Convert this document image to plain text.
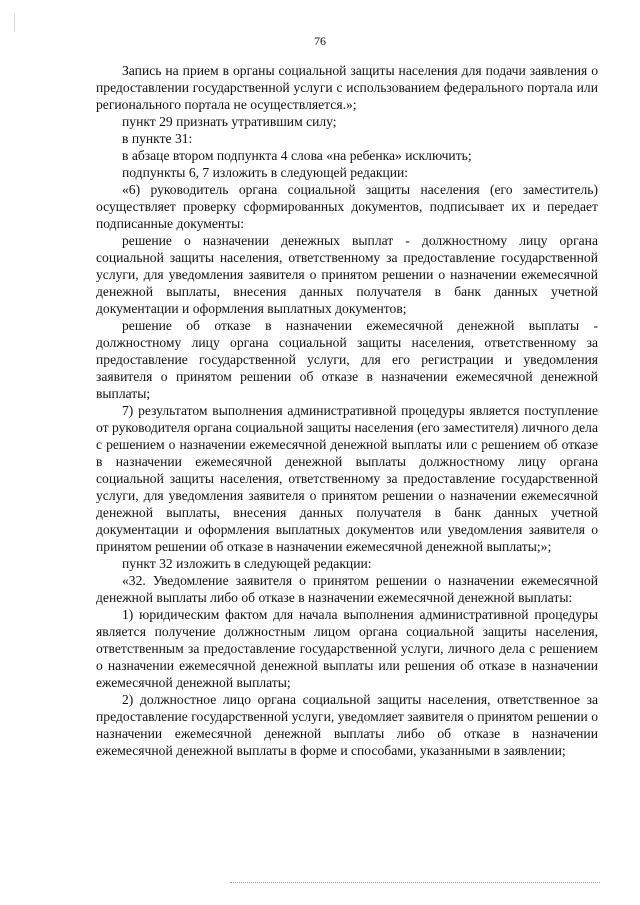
76

Запись на прием в органы социальной защиты населения для подачи заявления о предоставлении государственной услуги с использованием федерального портала или регионального портала не осуществляется.»;

пункт 29 признать утратившим силу;

в пункте 31:

в абзаце втором подпункта 4 слова «на ребенка» исключить;

подпункты 6, 7 изложить в следующей редакции:

«6) руководитель органа социальной защиты населения (его заместитель) осуществляет проверку сформированных документов, подписывает их и передает подписанные документы:

решение о назначении денежных выплат - должностному лицу органа социальной защиты населения, ответственному за предоставление государственной услуги, для уведомления заявителя о принятом решении о назначении ежемесячной денежной выплаты, внесения данных получателя в банк данных учетной документации и оформления выплатных документов;

решение об отказе в назначении ежемесячной денежной выплаты - должностному лицу органа социальной защиты населения, ответственному за предоставление государственной услуги, для его регистрации и уведомления заявителя о принятом решении об отказе в назначении ежемесячной денежной выплаты;

7) результатом выполнения административной процедуры является поступление от руководителя органа социальной защиты населения (его заместителя) личного дела с решением о назначении ежемесячной денежной выплаты или с решением об отказе в назначении ежемесячной денежной выплаты должностному лицу органа социальной защиты населения, ответственному за предоставление государственной услуги, для уведомления заявителя о принятом решении о назначении ежемесячной денежной выплаты, внесения данных получателя в банк данных учетной документации и оформления выплатных документов или уведомления заявителя о принятом решении об отказе в назначении ежемесячной денежной выплаты;»;

пункт 32 изложить в следующей редакции:

«32. Уведомление заявителя о принятом решении о назначении ежемесячной денежной выплаты либо об отказе в назначении ежемесячной денежной выплаты:

1) юридическим фактом для начала выполнения административной процедуры является получение должностным лицом органа социальной защиты населения, ответственным за предоставление государственной услуги, личного дела с решением о назначении ежемесячной денежной выплаты или решения об отказе в назначении ежемесячной денежной выплаты;

2) должностное лицо органа социальной защиты населения, ответственное за предоставление государственной услуги, уведомляет заявителя о принятом решении о назначении ежемесячной денежной выплаты либо об отказе в назначении ежемесячной денежной выплаты в форме и способами, указанными в заявлении;
